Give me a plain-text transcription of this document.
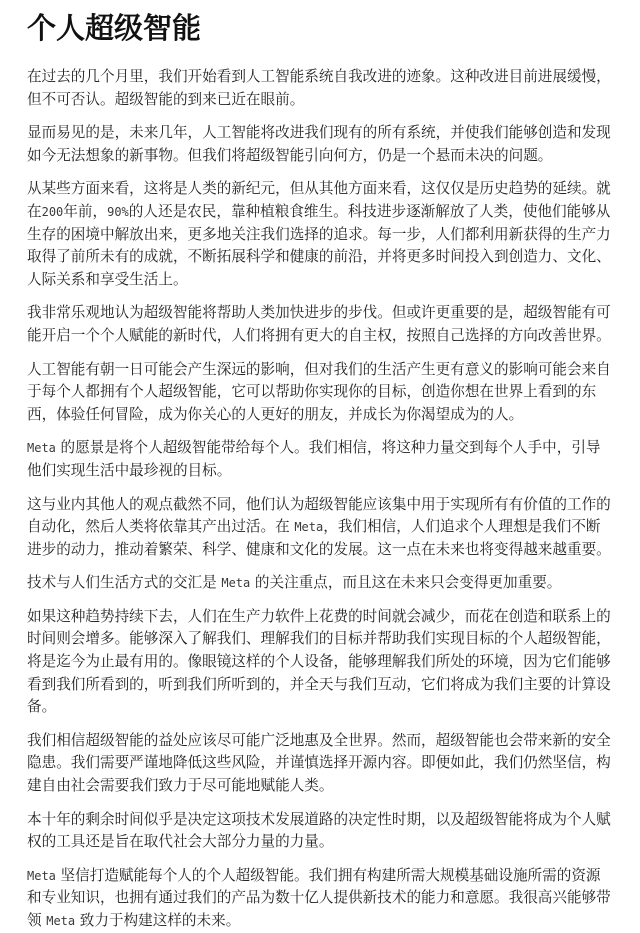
个人超级智能

在过去的几个月里，我们开始看到人工智能系统自我改进的迹象。这种改进目前进展缓慢，但不可否认。超级智能的到来已近在眼前。

显而易见的是，未来几年，人工智能将改进我们现有的所有系统，并使我们能够创造和发现如今无法想象的新事物。但我们将超级智能引向何方，仍是一个悬而未决的问题。

从某些方面来看，这将是人类的新纪元，但从其他方面来看，这仅仅是历史趋势的延续。就在200年前，90%的人还是农民，靠种植粮食维生。科技进步逐渐解放了人类，使他们能够从生存的困境中解放出来，更多地关注我们选择的追求。每一步，人们都利用新获得的生产力取得了前所未有的成就，不断拓展科学和健康的前沿，并将更多时间投入到创造力、文化、人际关系和享受生活上。

我非常乐观地认为超级智能将帮助人类加快进步的步伐。但或许更重要的是，超级智能有可能开启一个个人赋能的新时代，人们将拥有更大的自主权，按照自己选择的方向改善世界。

人工智能有朝一日可能会产生深远的影响，但对我们的生活产生更有意义的影响可能会来自于每个人都拥有个人超级智能，它可以帮助你实现你的目标，创造你想在世界上看到的东西，体验任何冒险，成为你关心的人更好的朋友，并成长为你渴望成为的人。

Meta 的愿景是将个人超级智能带给每个人。我们相信，将这种力量交到每个人手中，引导他们实现生活中最珍视的目标。

这与业内其他人的观点截然不同，他们认为超级智能应该集中用于实现所有有价值的工作的自动化，然后人类将依靠其产出过活。在 Meta，我们相信，人们追求个人理想是我们不断进步的动力，推动着繁荣、科学、健康和文化的发展。这一点在未来也将变得越来越重要。

技术与人们生活方式的交汇是 Meta 的关注重点，而且这在未来只会变得更加重要。

如果这种趋势持续下去，人们在生产力软件上花费的时间就会减少，而花在创造和联系上的时间则会增多。能够深入了解我们、理解我们的目标并帮助我们实现目标的个人超级智能，将是迄今为止最有用的。像眼镜这样的个人设备，能够理解我们所处的环境，因为它们能够看到我们所看到的，听到我们所听到的，并全天与我们互动，它们将成为我们主要的计算设备。

我们相信超级智能的益处应该尽可能广泛地惠及全世界。然而，超级智能也会带来新的安全隐患。我们需要严谨地降低这些风险，并谨慎选择开源内容。即便如此，我们仍然坚信，构建自由社会需要我们致力于尽可能地赋能人类。

本十年的剩余时间似乎是决定这项技术发展道路的决定性时期，以及超级智能将成为个人赋权的工具还是旨在取代社会大部分力量的力量。

Meta 坚信打造赋能每个人的个人超级智能。我们拥有构建所需大规模基础设施所需的资源和专业知识，也拥有通过我们的产品为数十亿人提供新技术的能力和意愿。我很高兴能够带领 Meta 致力于构建这样的未来。
